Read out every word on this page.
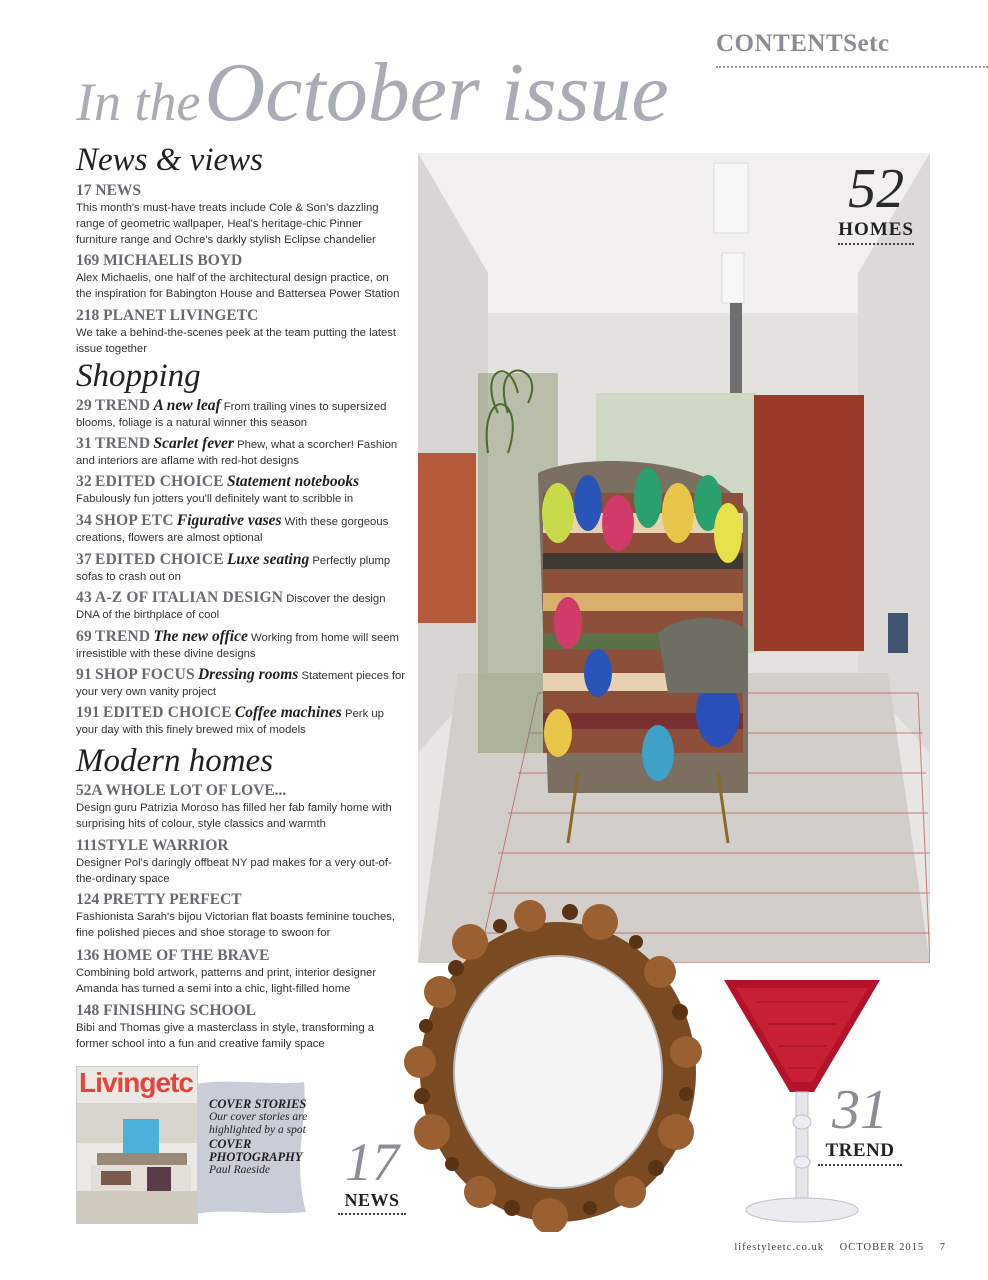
CONTENTSetc
In the October issue
News & views
17 NEWS
This month's must-have treats include Cole & Son's dazzling range of geometric wallpaper, Heal's heritage-chic Pinner furniture range and Ochre's darkly stylish Eclipse chandelier
169 MICHAELIS BOYD
Alex Michaelis, one half of the architectural design practice, on the inspiration for Babington House and Battersea Power Station
218 PLANET LIVINGETC
We take a behind-the-scenes peek at the team putting the latest issue together
Shopping
29 TREND A new leaf From trailing vines to supersized blooms, foliage is a natural winner this season
31 TREND Scarlet fever Phew, what a scorcher! Fashion and interiors are aflame with red-hot designs
32 EDITED CHOICE Statement notebooks
Fabulously fun jotters you'll definitely want to scribble in
34 SHOP ETC Figurative vases With these gorgeous creations, flowers are almost optional
37 EDITED CHOICE Luxe seating Perfectly plump sofas to crash out on
43 A-Z OF ITALIAN DESIGN Discover the design DNA of the birthplace of cool
69 TREND The new office Working from home will seem irresistible with these divine designs
91 SHOP FOCUS Dressing rooms Statement pieces for your very own vanity project
191 EDITED CHOICE Coffee machines Perk up your day with this finely brewed mix of models
Modern homes
52A WHOLE LOT OF LOVE...
Design guru Patrizia Moroso has filled her fab family home with surprising hits of colour, style classics and warmth
111STYLE WARRIOR
Designer Pol's daringly offbeat NY pad makes for a very out-of-the-ordinary space
124 PRETTY PERFECT
Fashionista Sarah's bijou Victorian flat boasts feminine touches, fine polished pieces and shoe storage to swoon for
136 HOME OF THE BRAVE
Combining bold artwork, patterns and print, interior designer Amanda has turned a semi into a chic, light-filled home
148 FINISHING SCHOOL
Bibi and Thomas give a masterclass in style, transforming a former school into a fun and creative family space
52
HOMES
Livingetc
COVER STORIES
Our cover stories are highlighted by a spot
COVER PHOTOGRAPHY
Paul Raeside	17
NEWS
31
TREND
lifestyleetc.co.uk OCTOBER 2015 7
